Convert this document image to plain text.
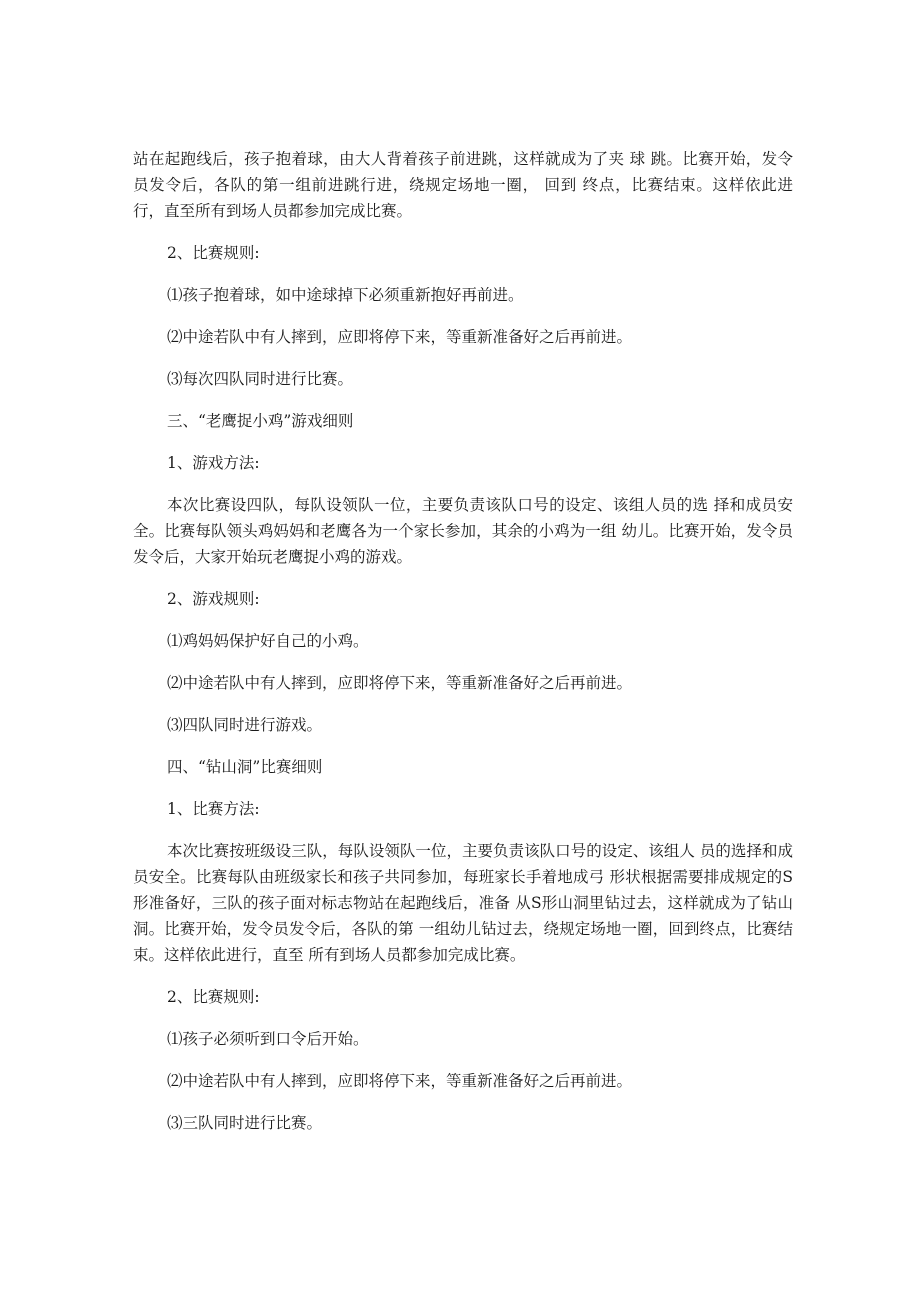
站在起跑线后，孩子抱着球，由大人背着孩子前进跳，这样就成为了夹 球 跳。比赛开始，发令员发令后，各队的第一组前进跳行进，绕规定场地一圈， 回到 终点，比赛结束。这样依此进行，直至所有到场人员都参加完成比赛。

2、比赛规则:

⑴孩子抱着球，如中途球掉下必须重新抱好再前进。

⑵中途若队中有人摔到，应即将停下来，等重新准备好之后再前进。

⑶每次四队同时进行比赛。

三、“老鹰捉小鸡”游戏细则

1、游戏方法:

本次比赛设四队，每队设领队一位，主要负责该队口号的设定、该组人员的选 择和成员安全。比赛每队领头鸡妈妈和老鹰各为一个家长参加，其余的小鸡为一组 幼儿。比赛开始，发令员发令后，大家开始玩老鹰捉小鸡的游戏。

2、游戏规则:

⑴鸡妈妈保护好自己的小鸡。

⑵中途若队中有人摔到，应即将停下来，等重新准备好之后再前进。

⑶四队同时进行游戏。

四、“钻山洞”比赛细则

1、比赛方法:

本次比赛按班级设三队，每队设领队一位，主要负责该队口号的设定、该组人 员的选择和成员安全。比赛每队由班级家长和孩子共同参加，每班家长手着地成弓 形状根据需要排成规定的S形准备好，三队的孩子面对标志物站在起跑线后，准备 从S形山洞里钻过去，这样就成为了钻山洞。比赛开始，发令员发令后，各队的第 一组幼儿钻过去，绕规定场地一圈，回到终点，比赛结束。这样依此进行，直至 所有到场人员都参加完成比赛。

2、比赛规则:

⑴孩子必须听到口令后开始。

⑵中途若队中有人摔到，应即将停下来，等重新准备好之后再前进。

⑶三队同时进行比赛。
